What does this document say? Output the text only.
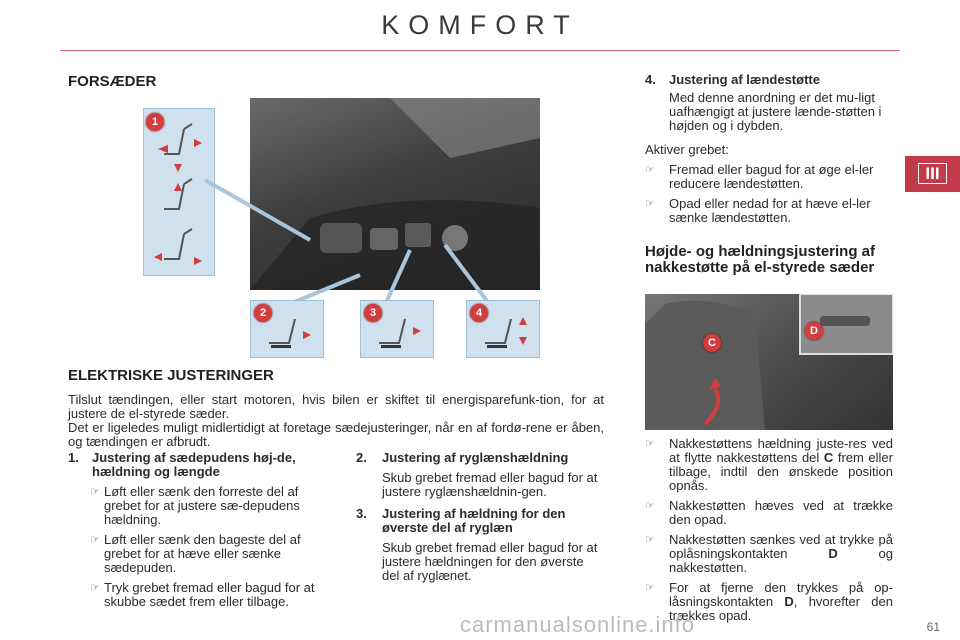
KOMFORT
III
FORSÆDER
1
2	3	4
ELEKTRISKE JUSTERINGER

Tilslut tændingen, eller start motoren, hvis bilen er skiftet til energisparefunk-tion, for at justere de el-styrede sæder.

Det er ligeledes muligt midlertidigt at foretage sædejusteringer, når en af fordø-rene er åben, og tændingen er afbrudt.

1.	Justering af sædepudens høj-de, hældning og længde
☞ Løft eller sænk den forreste del af grebet for at justere sæ-depudens hældning.
☞ Løft eller sænk den bageste del af grebet for at hæve eller sænke sædepuden.
☞ Tryk grebet fremad eller bagud for at skubbe sædet frem eller tilbage.
2.	Justering af ryglænshældning

Skub grebet fremad eller bagud for at justere ryglænshældnin-gen.

3.	Justering af hældning for den øverste del af ryglæn

Skub grebet fremad eller bagud for at justere hældningen for den øverste del af ryglænet.

4.	Justering af lændestøtte

Med denne anordning er det mu-ligt uafhængigt at justere lænde-støtten i højden og i dybden.

Aktiver grebet:

☞	Fremad eller bagud for at øge el-ler reducere lændestøtten.
☞	Opad eller nedad for at hæve el-ler sænke lændestøtten.
Højde- og hældningsjustering af nakkestøtte på el-styrede sæder
C
D
☞	Nakkestøttens hældning juste-res ved at flytte nakkestøttens del C frem eller tilbage, indtil den ønskede position opnås.
☞	Nakkestøtten hæves ved at trække den opad.
☞	Nakkestøtten sænkes ved at trykke på oplåsningskontakten	D	og nakkestøtten.
☞	For at fjerne den trykkes på op-låsningskontakten D, hvorefter den trækkes opad.
carmanualsonline.info	61
